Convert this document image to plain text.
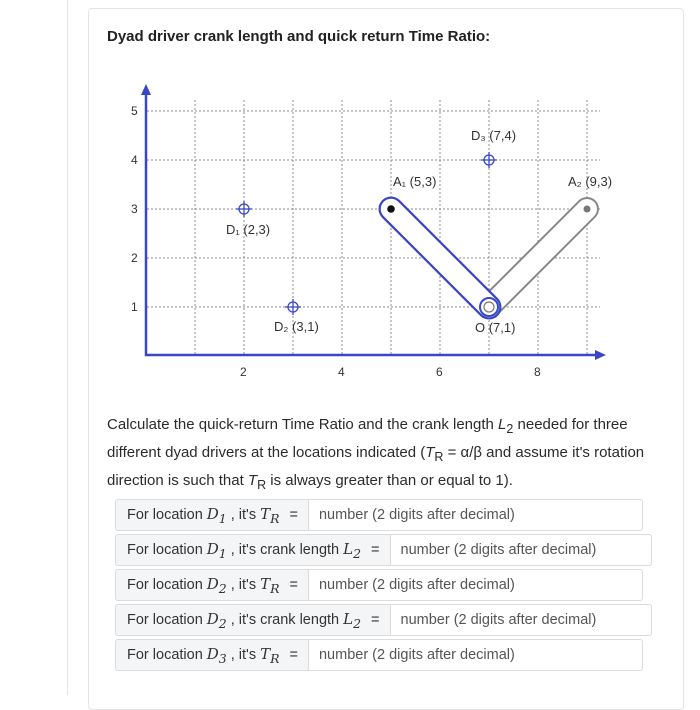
Dyad driver crank length and quick return Time Ratio:
5
4
3
2
1
2	4	6	8
D₁ (2,3)
D₂ (3,1)
D₃ (7,4)
A₁ (5,3)	A₂ (9,3)
O (7,1)
Calculate the quick-return Time Ratio and the crank length $L_2$ needed for three
different dyad drivers at the locations indicated ($T_R = \alpha/\beta$ and assume it's rotation
direction is such that $T_R$ is always greater than or equal to 1).
For location $D_1$ , it's $T_R$ =
number (2 digits after decimal)
For location $D_1$ , it's crank length $L_2$ =
number (2 digits after decimal)
For location $D_2$ , it's $T_R$ =
number (2 digits after decimal)
For location $D_2$ , it's crank length $L_2$ =
number (2 digits after decimal)
For location $D_3$ , it's $T_R$ =
number (2 digits after decimal)
